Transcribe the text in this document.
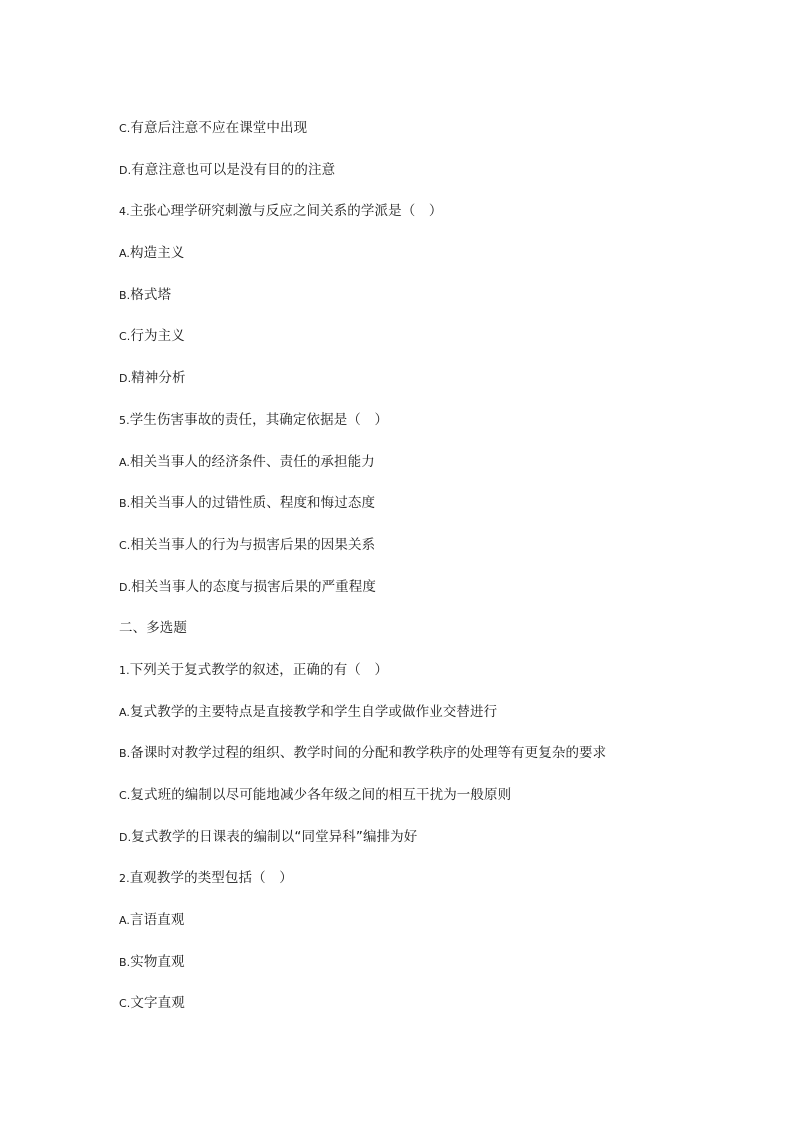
C.有意后注意不应在课堂中出现
D.有意注意也可以是没有目的的注意
4.主张心理学研究刺激与反应之间关系的学派是（　）
A.构造主义
B.格式塔
C.行为主义
D.精神分析
5.学生伤害事故的责任，其确定依据是（　）
A.相关当事人的经济条件、责任的承担能力
B.相关当事人的过错性质、程度和悔过态度
C.相关当事人的行为与损害后果的因果关系
D.相关当事人的态度与损害后果的严重程度
二、多选题
1.下列关于复式教学的叙述，正确的有（　）
A.复式教学的主要特点是直接教学和学生自学或做作业交替进行
B.备课时对教学过程的组织、教学时间的分配和教学秩序的处理等有更复杂的要求
C.复式班的编制以尽可能地减少各年级之间的相互干扰为一般原则
D.复式教学的日课表的编制以“同堂异科”编排为好
2.直观教学的类型包括（　）
A.言语直观
B.实物直观
C.文字直观
